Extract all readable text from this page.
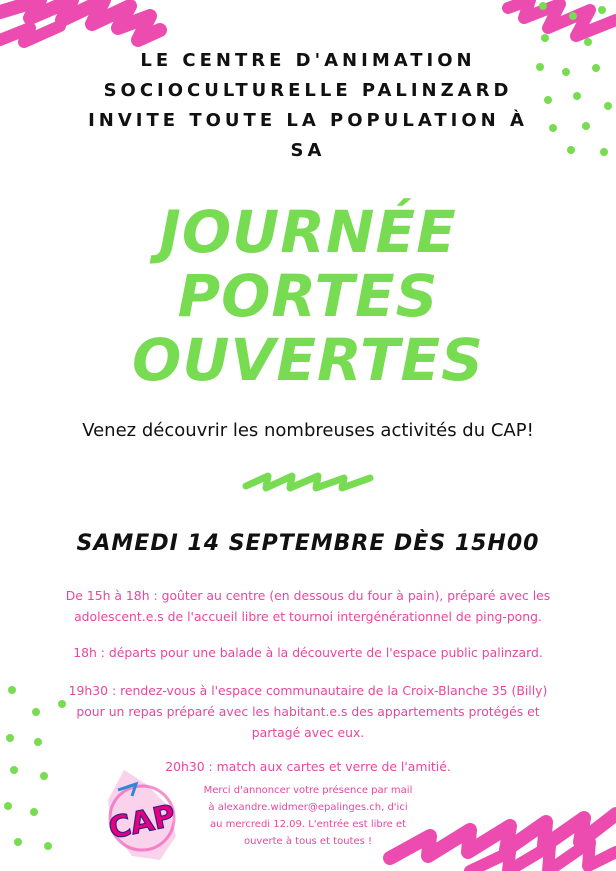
CAP
LE CENTRE D'ANIMATION
SOCIOCULTURELLE PALINZARD
INVITE TOUTE LA POPULATION À
SA
JOURNÉE
PORTES
OUVERTES
Venez découvrir les nombreuses activités du CAP!
SAMEDI 14 SEPTEMBRE DÈS 15H00
De 15h à 18h : goûter au centre (en dessous du four à pain), préparé avec les
adolescent.e.s de l'accueil libre et tournoi intergénérationnel de ping-pong.
18h : départs pour une balade à la découverte de l'espace public palinzard.
19h30 : rendez-vous à l'espace communautaire de la Croix-Blanche 35 (Billy)
pour un repas préparé avec les habitant.e.s des appartements protégés et
partagé avec eux.
20h30 : match aux cartes et verre de l'amitié.
Merci d'annoncer votre présence par mail
à alexandre.widmer@epalinges.ch, d'ici
au mercredi 12.09. L'entrée est libre et
ouverte à tous et toutes !
